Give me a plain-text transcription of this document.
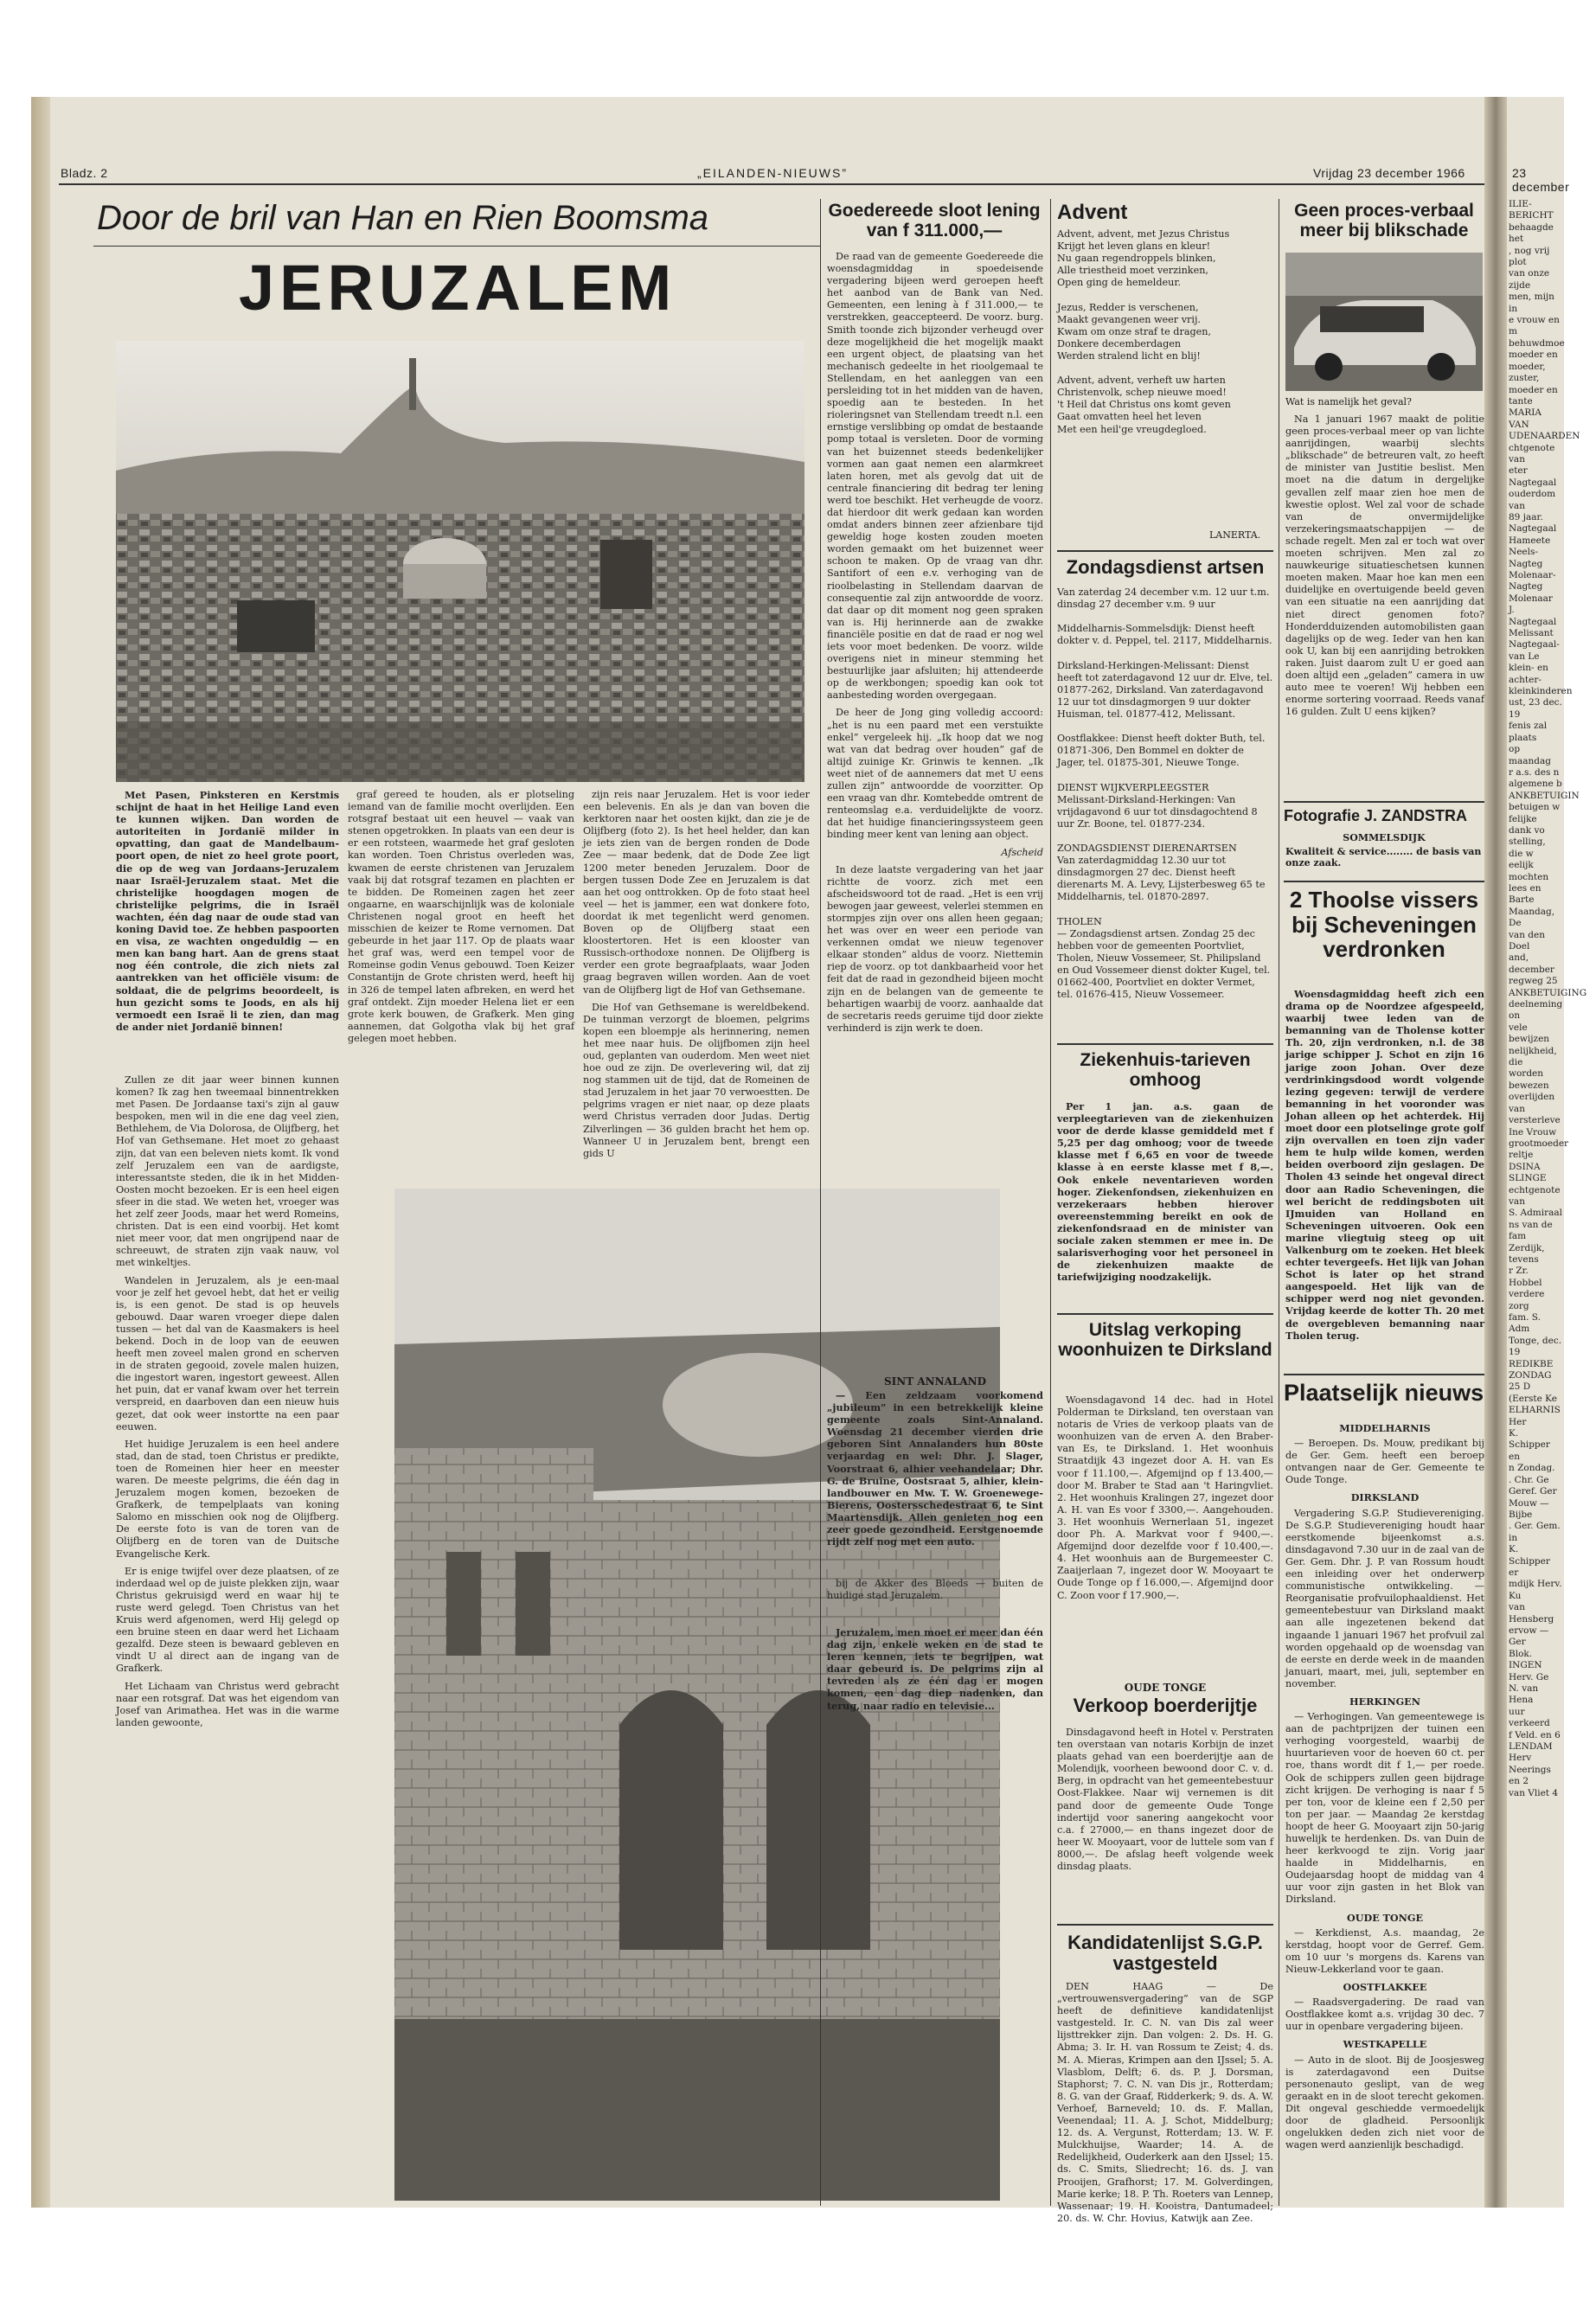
Bladz. 2	„EILANDEN-NIEUWS”	Vrijdag 23 december 1966	23 december
Door de bril van Han en Rien Boomsma
JERUZALEM

Met Pasen, Pinksteren en Kerstmis schijnt de haat in het Heilige Land even te kunnen wijken. Dan worden de autoriteiten in Jordanië milder in opvatting, dan gaat de Mandelbaum-poort open, de niet zo heel grote poort, die op de weg van Jordaans-Jeruzalem naar Israël-Jeruzalem staat. Met die christelijke hoogdagen mogen de christelijke pelgrims, die in Israël wachten, één dag naar de oude stad van koning David toe. Ze hebben paspoorten en visa, ze wachten ongeduldig — en men kan bang hart. Aan de grens staat nog één controle, die zich niets zal aantrekken van het officiële visum: de soldaat, die de pelgrims beoordeelt, is hun gezicht soms te Joods, en als hij vermoedt een Israë li te zien, dan mag de ander niet Jordanië binnen!

Zullen ze dit jaar weer binnen kunnen komen? Ik zag hen tweemaal binnentrekken met Pasen. De Jordaanse taxi's zijn al gauw bespoken, men wil in die ene dag veel zien, Bethlehem, de Via Dolorosa, de Olijfberg, het Hof van Gethsemane. Het moet zo gehaast zijn, dat van een beleven niets komt. Ik vond zelf Jeruzalem een van de aardigste, interessantste steden, die ik in het Midden-Oosten mocht bezoeken. Er is een heel eigen sfeer in die stad. We weten het, vroeger was het zelf zeer Joods, maar het werd Romeins, christen. Dat is een eind voorbij. Het komt niet meer voor, dat men ongrijpend naar de schreeuwt, de straten zijn vaak nauw, vol met winkeltjes.

Wandelen in Jeruzalem, als je een-maal voor je zelf het gevoel hebt, dat het er veilig is, is een genot. De stad is op heuvels gebouwd. Daar waren vroeger diepe dalen tussen — het dal van de Kaasmakers is heel bekend. Doch in de loop van de eeuwen heeft men zoveel malen grond en scherven in de straten gegooid, zovele malen huizen, die ingestort waren, ingestort geweest. Allen het puin, dat er vanaf kwam over het terrein verspreid, en daarboven dan een nieuw huis gezet, dat ook weer instortte na een paar eeuwen.

Het huidige Jeruzalem is een heel andere stad, dan de stad, toen Christus er predikte, toen de Romeinen hier heer en meester waren. De meeste pelgrims, die één dag in Jeruzalem mogen komen, bezoeken de Grafkerk, de tempelplaats van koning Salomo en misschien ook nog de Olijfberg. De eerste foto is van de toren van de Olijfberg en de toren van de Duitsche Evangelische Kerk.

Er is enige twijfel over deze plaatsen, of ze inderdaad wel op de juiste plekken zijn, waar Christus gekruisigd werd en waar hij te ruste werd gelegd. Toen Christus van het Kruis werd afgenomen, werd Hij gelegd op een bruine steen en daar werd het Lichaam gezalfd. Deze steen is bewaard gebleven en vindt U al direct aan de ingang van de Grafkerk.

Het Lichaam van Christus werd gebracht naar een rotsgraf. Dat was het eigendom van Josef van Arimathea. Het was in die warme landen gewoonte,

graf gereed te houden, als er plotseling iemand van de familie mocht overlijden. Een rotsgraf bestaat uit een heuvel — vaak van stenen opgetrokken. In plaats van een deur is er een rotsteen, waarmede het graf gesloten kan worden. Toen Christus overleden was, kwamen de eerste christenen van Jeruzalem vaak bij dat rotsgraf tezamen en plachten er te bidden. De Romeinen zagen het zeer ongaarne, en waarschijnlijk was de koloniale Christenen nogal groot en heeft het misschien de keizer te Rome vernomen. Dat gebeurde in het jaar 117. Op de plaats waar het graf was, werd een tempel voor de Romeinse godin Venus gebouwd. Toen Keizer Constantijn de Grote christen werd, heeft hij in 326 de tempel laten afbreken, en werd het graf ontdekt. Zijn moeder Helena liet er een grote kerk bouwen, de Grafkerk. Men ging aannemen, dat Golgotha vlak bij het graf gelegen moet hebben.

zijn reis naar Jeruzalem. Het is voor ieder een belevenis. En als je dan van boven die kerktoren naar het oosten kijkt, dan zie je de Olijfberg (foto 2). Is het heel helder, dan kan je iets zien van de bergen ronden de Dode Zee — maar bedenk, dat de Dode Zee ligt 1200 meter beneden Jeruzalem. Door de bergen tussen Dode Zee en Jeruzalem is dat aan het oog onttrokken. Op de foto staat heel veel — het is jammer, een wat donkere foto, doordat ik met tegenlicht werd genomen. Boven op de Olijfberg staat een kloostertoren. Het is een klooster van Russisch-orthodoxe nonnen. De Olijfberg is verder een grote begraafplaats, waar Joden graag begraven willen worden. Aan de voet van de Olijfberg ligt de Hof van Gethsemane.

Die Hof van Gethsemane is wereldbekend. De tuinman verzorgt de bloemen, pelgrims kopen een bloempje als herinnering, nemen het mee naar huis. De olijfbomen zijn heel oud, geplanten van ouderdom. Men weet niet hoe oud ze zijn. De overlevering wil, dat zij nog stammen uit de tijd, dat de Romeinen de stad Jeruzalem in het jaar 70 verwoestten. De pelgrims vragen er niet naar, op deze plaats werd Christus verraden door Judas. Dertig Zilverlingen — 36 gulden bracht het hem op. Wanneer U in Jeruzalem bent, brengt een gids U

Goedereede sloot lening van f 311.000,—

De raad van de gemeente Goedereede die woensdagmiddag in spoedeisende vergadering bijeen werd geroepen heeft het aanbod van de Bank van Ned. Gemeenten, een lening à f 311.000,— te verstrekken, geaccepteerd. De voorz. burg. Smith toonde zich bijzonder verheugd over deze mogelijkheid die het mogelijk maakt een urgent object, de plaatsing van het mechanisch gedeelte in het rioolgemaal te Stellendam, en het aanleggen van een persleiding tot in het midden van de haven, spoedig aan te besteden. In het rioleringsnet van Stellendam treedt n.l. een ernstige verslibbing op omdat de bestaande pomp totaal is versleten. Door de vorming van het buizennet steeds bedenkelijker vormen aan gaat nemen een alarmkreet laten horen, met als gevolg dat uit de centrale financiering dit bedrag ter lening werd toe beschikt. Het verheugde de voorz. dat hierdoor dit werk gedaan kan worden omdat anders binnen zeer afzienbare tijd geweldig hoge kosten zouden moeten worden gemaakt om het buizennet weer schoon te maken. Op de vraag van dhr. Santifort of een e.v. verhoging van de rioolbelasting in Stellendam daarvan de consequentie zal zijn antwoordde de voorz. dat daar op dit moment nog geen spraken van is. Hij herinnerde aan de zwakke financiële positie en dat de raad er nog wel iets voor moet bedenken. De voorz. wilde overigens niet in mineur stemming het bestuurlijke jaar afsluiten; hij attendeerde op de werkbongen; spoedig kan ook tot aanbesteding worden overgegaan.

De heer de Jong ging volledig accoord: „het is nu een paard met een verstuikte enkel” vergeleek hij. „Ik hoop dat we nog wat van dat bedrag over houden” gaf de altijd zuinige Kr. Grinwis te kennen. „Ik weet niet of de aannemers dat met U eens zullen zijn” antwoordde de voorzitter. Op een vraag van dhr. Komtebedde omtrent de renteomslag e.a. verduidelijkte de voorz. dat het huidige financieringssysteem geen binding meer kent van lening aan object.

Afscheid

In deze laatste vergadering van het jaar richtte de voorz. zich met een afscheidswoord tot de raad. „Het is een vrij bewogen jaar geweest, velerlei stemmen en stormpjes zijn over ons allen heen gegaan; het was over en weer een periode van verkennen omdat we nieuw tegenover elkaar stonden” aldus de voorz. Niettemin riep de voorz. op tot dankbaarheid voor het feit dat de raad in gezondheid bijeen mocht zijn en de belangen van de gemeente te behartigen waarbij de voorz. aanhaalde dat de secretaris reeds geruime tijd door ziekte verhinderd is zijn werk te doen.

SINT ANNALAND

— Een zeldzaam voorkomend „jubileum” in een betrekkelijk kleine gemeente zoals Sint-Annaland. Woensdag 21 december vierden drie geboren Sint Annalanders hun 80ste verjaardag en wel: Dhr. J. Slager, Voorstraat 6, alhier veehandelaar; Dhr. G. de Bruine, Oostsraat 5, alhier, klein-landbouwer en Mw. T. W. Groenewege-Bierens, Oostersschedestraat 6, te Sint Maartensdijk. Allen genieten nog een zeer goede gezondheid. Eerstgenoemde rijdt zelf nog met een auto.

bij de Akker des Bloeds — buiten de huidige stad Jeruzalem.

Jeruzalem, men moet er meer dan één dag zijn, enkele weken en de stad te leren kennen, iets te begrijpen, wat daar gebeurd is. De pelgrims zijn al tevreden als ze één dag er mogen komen, een dag diep nadenken, dan terug, naar radio en televisie...

Advent
Advent, advent, met Jezus Christus
Krijgt het leven glans en kleur!
Nu gaan regendroppels blinken,
Alle triestheid moet verzinken,
Open ging de hemeldeur.

Jezus, Redder is verschenen,
Maakt gevangenen weer vrij.
Kwam om onze straf te dragen,
Donkere decemberdagen
Werden stralend licht en blij!

Advent, advent, verheft uw harten
Christenvolk, schep nieuwe moed!
't Heil dat Christus ons komt geven
Gaat omvatten heel het leven
Met een heil'ge vreugdegloed.
LANERTA.
Zondagsdienst artsen
Van zaterdag 24 december v.m. 12 uur t.m. dinsdag 27 december v.m. 9 uur

Middelharnis-Sommelsdijk: Dienst heeft dokter v. d. Peppel, tel. 2117, Middelharnis.

Dirksland-Herkingen-Melissant: Dienst heeft tot zaterdagavond 12 uur dr. Elve, tel. 01877-262, Dirksland. Van zaterdagavond 12 uur tot dinsdagmorgen 9 uur dokter Huisman, tel. 01877-412, Melissant.

Oostflakkee: Dienst heeft dokter Buth, tel. 01871-306, Den Bommel en dokter de Jager, tel. 01875-301, Nieuwe Tonge.

DIENST WIJKVERPLEEGSTER
Melissant-Dirksland-Herkingen: Van vrijdagavond 6 uur tot dinsdagochtend 8 uur Zr. Boone, tel. 01877-234.

ZONDAGSDIENST DIERENARTSEN
Van zaterdagmiddag 12.30 uur tot dinsdagmorgen 27 dec. Dienst heeft dierenarts M. A. Levy, Lijsterbesweg 65 te Middelharnis, tel. 01870-2897.

THOLEN
— Zondagsdienst artsen. Zondag 25 dec hebben voor de gemeenten Poortvliet, Tholen, Nieuw Vossemeer, St. Philipsland en Oud Vossemeer dienst dokter Kugel, tel. 01662-400, Poortvliet en dokter Vermet, tel. 01676-415, Nieuw Vossemeer.
Ziekenhuis-tarieven omhoog

Per 1 jan. a.s. gaan de verpleegtarieven van de ziekenhuizen voor de derde klasse gemiddeld met f 5,25 per dag omhoog; voor de tweede klasse met f 6,65 en voor de tweede klasse à en eerste klasse met f 8,—. Ook enkele neventarieven worden hoger. Ziekenfondsen, ziekenhuizen en verzekeraars hebben hierover overeenstemming bereikt en ook de ziekenfondsraad en de minister van sociale zaken stemmen er mee in. De salarisverhoging voor het personeel in de ziekenhuizen maakte de tariefwijziging noodzakelijk.

Uitslag verkoping woonhuizen te Dirksland

Woensdagavond 14 dec. had in Hotel Polderman te Dirksland, ten overstaan van notaris de Vries de verkoop plaats van de woonhuizen van de erven A. den Braber-van Es, te Dirksland. 1. Het woonhuis Straatdijk 43 ingezet door A. H. van Es voor f 11.100,—. Afgemijnd op f 13.400,— door M. Braber te Stad aan 't Haringvliet. 2. Het woonhuis Kralingen 27, ingezet door A. H. van Es voor f 3300,—. Aangehouden. 3. Het woonhuis Wernerlaan 51, ingezet door Ph. A. Markvat voor f 9400,—. Afgemijnd door dezelfde voor f 10.400,—. 4. Het woonhuis aan de Burgemeester C. Zaaijerlaan 7, ingezet door W. Mooyaart te Oude Tonge op f 16.000,—. Afgemijnd door C. Zoon voor f 17.900,—.

OUDE TONGE
Verkoop boerderijtje

Dinsdagavond heeft in Hotel v. Perstraten ten overstaan van notaris Korbijn de inzet plaats gehad van een boerderijtje aan de Molendijk, voorheen bewoond door C. v. d. Berg, in opdracht van het gemeentebestuur Oost-Flakkee. Naar wij vernemen is dit pand door de gemeente Oude Tonge indertijd voor sanering aangekocht voor c.a. f 27000,— en thans ingezet door de heer W. Mooyaart, voor de luttele som van f 8000,—. De afslag heeft volgende week dinsdag plaats.

Kandidatenlijst S.G.P. vastgesteld

DEN HAAG — De „vertrouwensvergadering” van de SGP heeft de definitieve kandidatenlijst vastgesteld. Ir. C. N. van Dis zal weer lijsttrekker zijn. Dan volgen: 2. Ds. H. G. Abma; 3. Ir. H. van Rossum te Zeist; 4. ds. M. A. Mieras, Krimpen aan den IJssel; 5. A. Vlasblom, Delft; 6. ds. P. J. Dorsman, Staphorst; 7. C. N. van Dis jr., Rotterdam; 8. G. van der Graaf, Ridderkerk; 9. ds. A. W. Verhoef, Barneveld; 10. ds. F. Mallan, Veenendaal; 11. A. J. Schot, Middelburg; 12. ds. A. Vergunst, Rotterdam; 13. W. F. Mulckhuijse, Waarder; 14. A. de Redelijkheid, Ouderkerk aan den IJssel; 15. ds. C. Smits, Sliedrecht; 16. ds. J. van Prooijen, Grafhorst; 17. M. Golverdingen, Marie kerke; 18. P. Th. Roeters van Lennep, Wassenaar; 19. H. Kooistra, Dantumadeel; 20. ds. W. Chr. Hovius, Katwijk aan Zee.

Geen proces-verbaal meer bij blikschade
Wat is namelijk het geval?

Na 1 januari 1967 maakt de politie geen proces-verbaal meer op van lichte aanrijdingen, waarbij slechts „blikschade” de betreuren valt, zo heeft de minister van Justitie beslist. Men moet na die datum in dergelijke gevallen zelf maar zien hoe men de kwestie oplost. Wel zal voor de schade van de onvermijdelijke verzekeringsmaatschappijen — de schade regelt. Men zal er toch wat over moeten schrijven. Men zal zo nauwkeurige situatieschetsen kunnen moeten maken. Maar hoe kan men een duidelijke en overtuigende beeld geven van een situatie na een aanrijding dat niet direct genomen foto? Honderdduizenden automobilisten gaan dagelijks op de weg. Ieder van hen kan ook U, kan bij een aanrijding betrokken raken. Juist daarom zult U er goed aan doen altijd een „geladen” camera in uw auto mee te voeren! Wij hebben een enorme sortering voorraad. Reeds vanaf 16 gulden. Zult U eens kijken?

Fotografie J. ZANDSTRA
SOMMELSDIJK
Kwaliteit & service........ de basis van onze zaak.
2 Thoolse vissers bij Scheveningen verdronken

Woensdagmiddag heeft zich een drama op de Noordzee afgespeeld, waarbij twee leden van de bemanning van de Tholense kotter Th. 20, zijn verdronken, n.l. de 38 jarige schipper J. Schot en zijn 16 jarige zoon Johan. Over deze verdrinkingsdood wordt volgende lezing gegeven: terwijl de verdere bemanning in het vooronder was Johan alleen op het achterdek. Hij moet door een plotselinge grote golf zijn overvallen en toen zijn vader hem te hulp wilde komen, werden beiden overboord zijn geslagen. De Tholen 43 seinde het ongeval direct door aan Radio Scheveningen, die wel bericht de reddingsboten uit IJmuiden van Holland en Scheveningen uitvoeren. Ook een marine vliegtuig steeg op uit Valkenburg om te zoeken. Het bleek echter tevergeefs. Het lijk van Johan Schot is later op het strand aangespoeld. Het lijk van de schipper werd nog niet gevonden. Vrijdag keerde de kotter Th. 20 met de overgebleven bemanning naar Tholen terug.

Plaatselijk nieuws
MIDDELHARNIS

— Beroepen. Ds. Mouw, predikant bij de Ger. Gem. heeft een beroep ontvangen naar de Ger. Gemeente te Oude Tonge.

DIRKSLAND

Vergadering S.G.P. Studievereniging. De S.G.P. Studievereniging houdt haar eerstkomende bijeenkomst a.s. dinsdagavond 7.30 uur in de zaal van de Ger. Gem. Dhr. J. P. van Rossum houdt een inleiding over het onderwerp communistische ontwikkeling. — Reorganisatie profvuilophaaldienst. Het gemeentebestuur van Dirksland maakt aan alle ingezetenen bekend dat ingaande 1 januari 1967 het profvuil zal worden opgehaald op de woensdag van de eerste en derde week in de maanden januari, maart, mei, juli, september en november.

HERKINGEN

— Verhogingen. Van gemeentewege is aan de pachtprijzen der tuinen een verhoging voorgesteld, waarbij de huurtarieven voor de hoeven 60 ct. per roe, thans wordt dit f 1,— per roede. Ook de schippers zullen geen bijdrage zicht krijgen. De verhoging is naar f 5 per ton, voor de kleine een f 2,50 per ton per jaar. — Maandag 2e kerstdag hoopt de heer G. Mooyaart zijn 50-jarig huwelijk te herdenken. Ds. van Duin de heer kerkvoogd te zijn. Vorig jaar haalde in Middelharnis, en Oudejaarsdag hoopt de middag van 4 uur voor zijn gasten in het Blok van Dirksland.

OUDE TONGE

— Kerkdienst, A.s. maandag, 2e kerstdag, hoopt voor de Gerref. Gem. om 10 uur 's morgens ds. Karens van Nieuw-Lekkerland voor te gaan.

OOSTFLAKKEE

— Raadsvergadering. De raad van Oostflakkee komt a.s. vrijdag 30 dec. 7 uur in openbare vergadering bijeen.

WESTKAPELLE

— Auto in de sloot. Bij de Joosjesweg is zaterdagavond een Duitse personenauto geslipt, van de weg geraakt en in de sloot terecht gekomen. Dit ongeval geschiedde vermoedelijk door de gladheid. Persoonlijk ongelukken deden zich niet voor de wagen werd aanzienlijk beschadigd.

ILIE-BERICHT
behaagde het
, nog vrij plot
van onze zijde
men, mijn in
e vrouw en m
behuwdmoe
moeder en
moeder, zuster,
moeder en tante
MARIA VAN
UDENAARDEN
chtgenote van
eter Nagtegaal
ouderdom van
89 jaar.
Nagtegaal
Hameete
Neels-Nagteg
Molenaar-
Nagteg
Molenaar
J. Nagtegaal
Melissant
Nagtegaal-
van Le
klein- en achter-
kleinkinderen
ust, 23 dec. 19
fenis zal plaats
op maandag
r a.s. des n
algemene b
ANKBETUIGIN
betuigen w
felijke dank vo
stelling, die w
eelijk mochten
lees en Barte
Maandag, De
van den Doel
and, december
regweg 25
ANKBETUIGING
deelneming on
vele bewijzen
nelijkheid, die
worden bewezen
overlijden van
versterleve
Ine Vrouw
grootmoeder
reltje
DSINA SLINGE
echtgenote van
S. Admiraal
ns van de fam
Zerdijk, tevens
r Zr. Hobbel
verdere zorg
fam. S. Adm
Tonge, dec. 19
REDIKBE
ZONDAG 25 D
(Eerste Ke
ELHARNIS Her
K. Schipper en
n Zondag.
. Chr. Ge
Geref. Ger
Mouw — Bijbe
. Ger. Gem. in
K. Schipper er
mdijk Herv. Ku
van Hensberg
ervow — Ger
Blok.
INGEN Herv. Ge
N. van Hena
uur verkeerd
f Veld. en 6
LENDAM Herv
Neerings en 2
van Vliet 4
